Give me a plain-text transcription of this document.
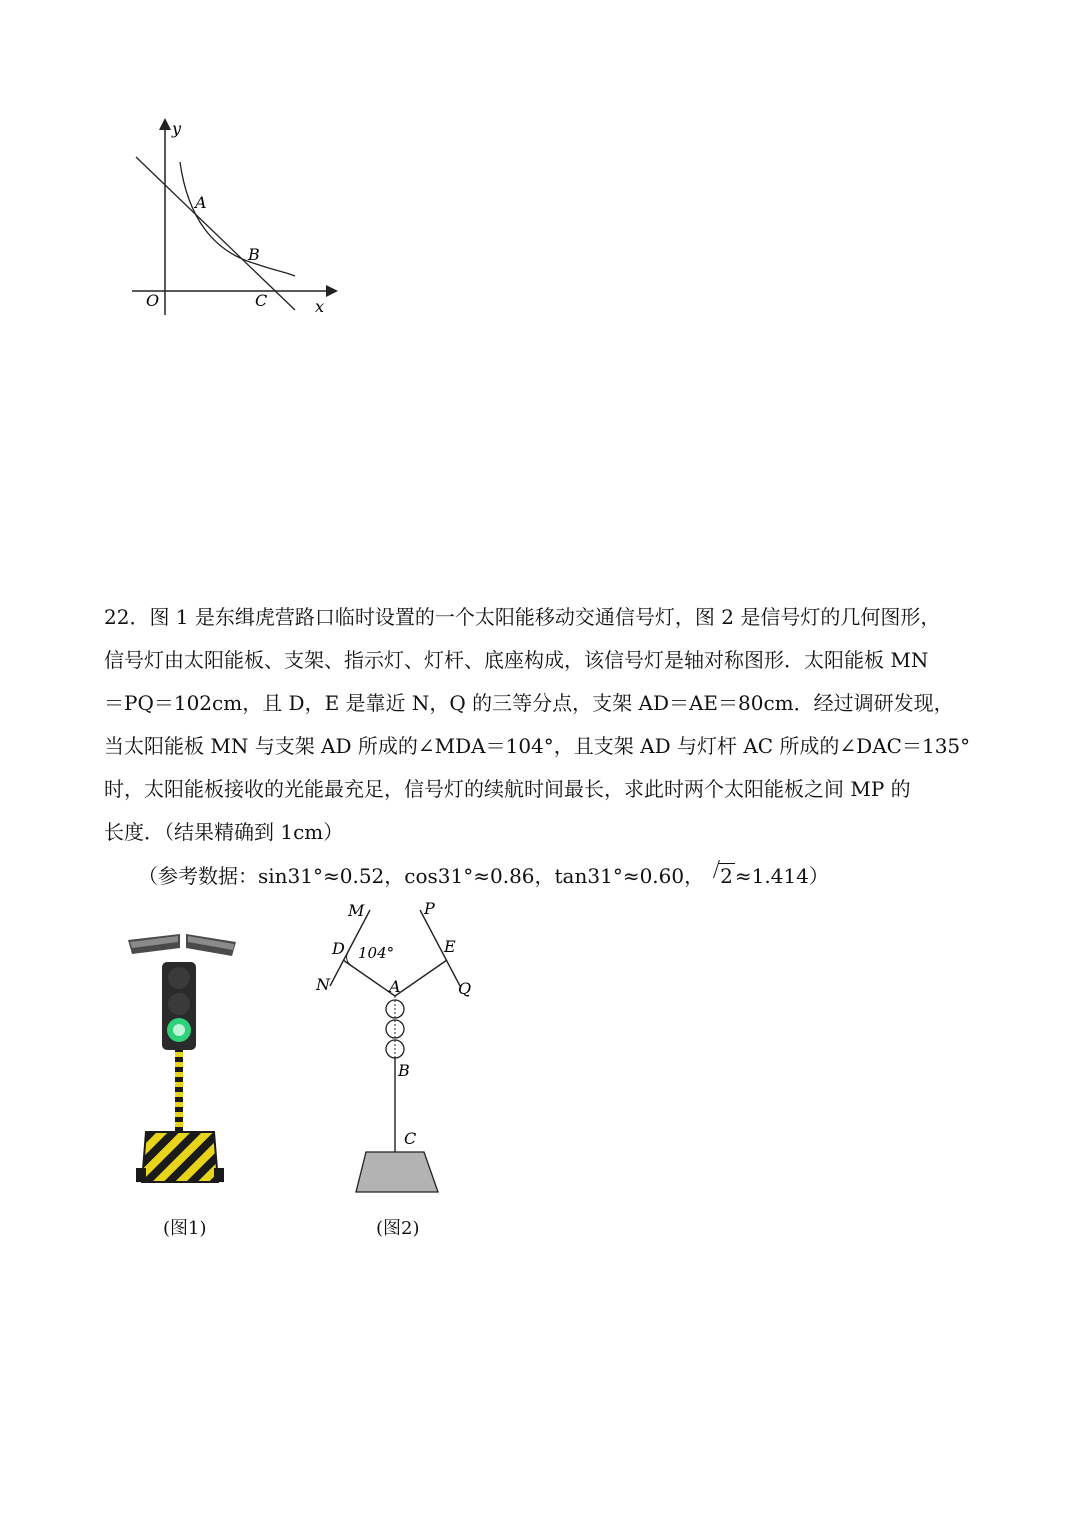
y
x
O
A
B
C

22．图 1 是东缉虎营路口临时设置的一个太阳能移动交通信号灯，图 2 是信号灯的几何图形，

信号灯由太阳能板、支架、指示灯、灯杆、底座构成，该信号灯是轴对称图形．太阳能板 MN

＝PQ＝102cm，且 D，E 是靠近 N，Q 的三等分点，支架 AD＝AE＝80cm．经过调研发现，

当太阳能板 MN 与支架 AD 所成的∠MDA＝104°，且支架 AD 与灯杆 AC 所成的∠DAC＝135°

时，太阳能板接收的光能最充足，信号灯的续航时间最长，求此时两个太阳能板之间 MP 的

长度．（结果精确到 1cm）

（参考数据：sin31°≈0.52，cos31°≈0.86，tan31°≈0.60， 2 ≈1.414）
M	P
D 104°	E
N	Q
A
B
C
(图1)	(图2)
